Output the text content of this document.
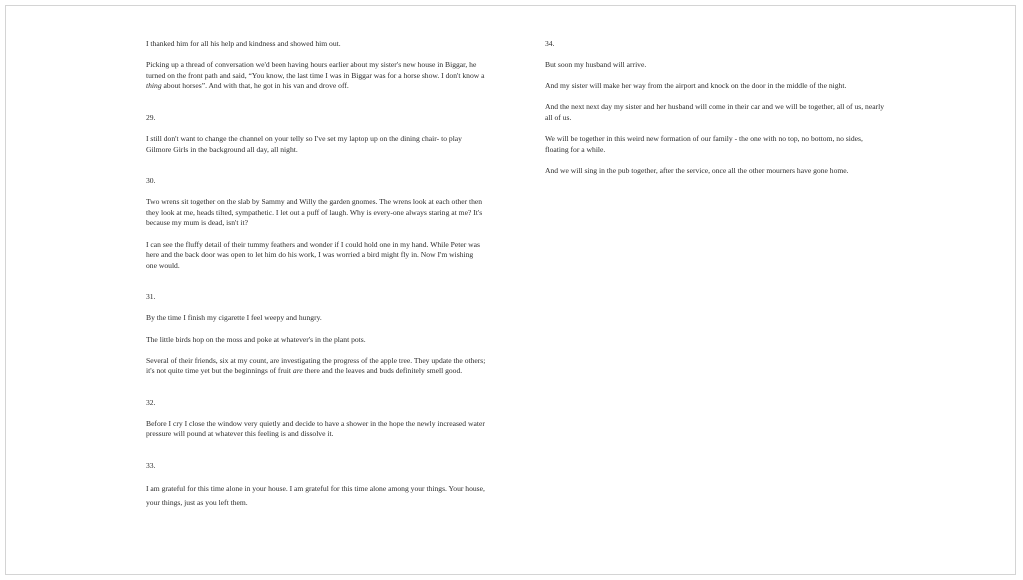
I thanked him for all his help and kindness and showed him out.

Picking up a thread of conversation we'd been having hours earlier about my sister's new house in Biggar, he turned on the front path and said, “You know, the last time I was in Biggar was for a horse show. I don't know a thing about horses”. And with that, he got in his van and drove off.

29.

I still don't want to change the channel on your telly so I've set my laptop up on the dining chair- to play Gilmore Girls in the background all day, all night.

30.

Two wrens sit together on the slab by Sammy and Willy the garden gnomes. The wrens look at each other then they look at me, heads tilted, sympathetic. I let out a puff of laugh. Why is every-one always staring at me? It's because my mum is dead, isn't it?

I can see the fluffy detail of their tummy feathers and wonder if I could hold one in my hand. While Peter was here and the back door was open to let him do his work, I was worried a bird might fly in. Now I'm wishing one would.

31.

By the time I finish my cigarette I feel weepy and hungry.

The little birds hop on the moss and poke at whatever's in the plant pots.

Several of their friends, six at my count, are investigating the progress of the apple tree. They update the others; it's not quite time yet but the beginnings of fruit are there and the leaves and buds definitely smell good.

32.

Before I cry I close the window very quietly and decide to have a shower in the hope the newly increased water pressure will pound at whatever this feeling is and dissolve it.

33.

I am grateful for this time alone in your house. I am grateful for this time alone among your things. Your house, your things, just as you left them.

34.

But soon my husband will arrive.

And my sister will make her way from the airport and knock on the door in the middle of the night.

And the next next day my sister and her husband will come in their car and we will be together, all of us, nearly all of us.

We will be together in this weird new formation of our family - the one with no top, no bottom, no sides, floating for a while.

And we will sing in the pub together, after the service, once all the other mourners have gone home.
